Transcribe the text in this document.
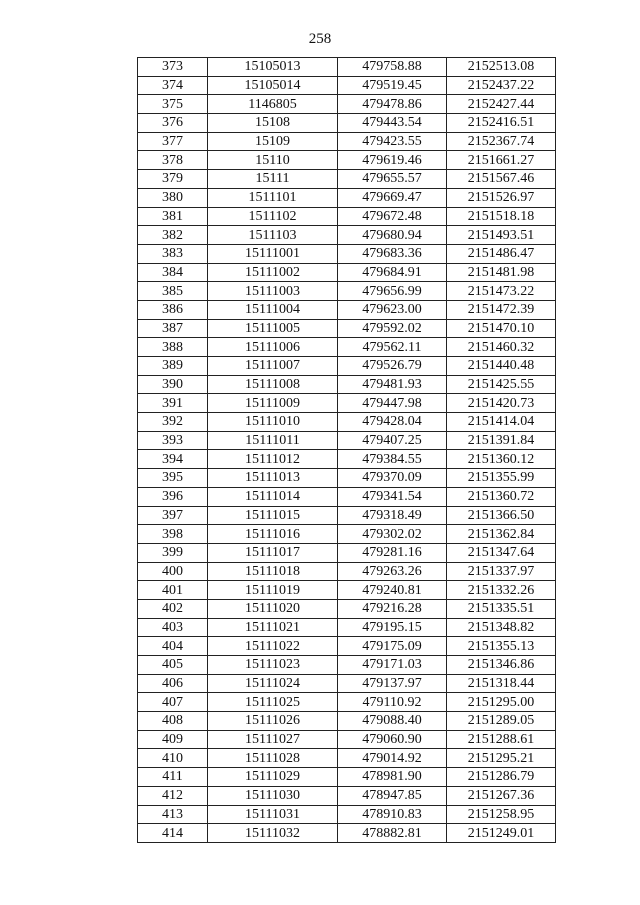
258
373	15105013	479758.88	2152513.08
374	15105014	479519.45	2152437.22
375	1146805	479478.86	2152427.44
376	15108	479443.54	2152416.51
377	15109	479423.55	2152367.74
378	15110	479619.46	2151661.27
379	15111	479655.57	2151567.46
380	1511101	479669.47	2151526.97
381	1511102	479672.48	2151518.18
382	1511103	479680.94	2151493.51
383	15111001	479683.36	2151486.47
384	15111002	479684.91	2151481.98
385	15111003	479656.99	2151473.22
386	15111004	479623.00	2151472.39
387	15111005	479592.02	2151470.10
388	15111006	479562.11	2151460.32
389	15111007	479526.79	2151440.48
390	15111008	479481.93	2151425.55
391	15111009	479447.98	2151420.73
392	15111010	479428.04	2151414.04
393	15111011	479407.25	2151391.84
394	15111012	479384.55	2151360.12
395	15111013	479370.09	2151355.99
396	15111014	479341.54	2151360.72
397	15111015	479318.49	2151366.50
398	15111016	479302.02	2151362.84
399	15111017	479281.16	2151347.64
400	15111018	479263.26	2151337.97
401	15111019	479240.81	2151332.26
402	15111020	479216.28	2151335.51
403	15111021	479195.15	2151348.82
404	15111022	479175.09	2151355.13
405	15111023	479171.03	2151346.86
406	15111024	479137.97	2151318.44
407	15111025	479110.92	2151295.00
408	15111026	479088.40	2151289.05
409	15111027	479060.90	2151288.61
410	15111028	479014.92	2151295.21
411	15111029	478981.90	2151286.79
412	15111030	478947.85	2151267.36
413	15111031	478910.83	2151258.95
414	15111032	478882.81	2151249.01
